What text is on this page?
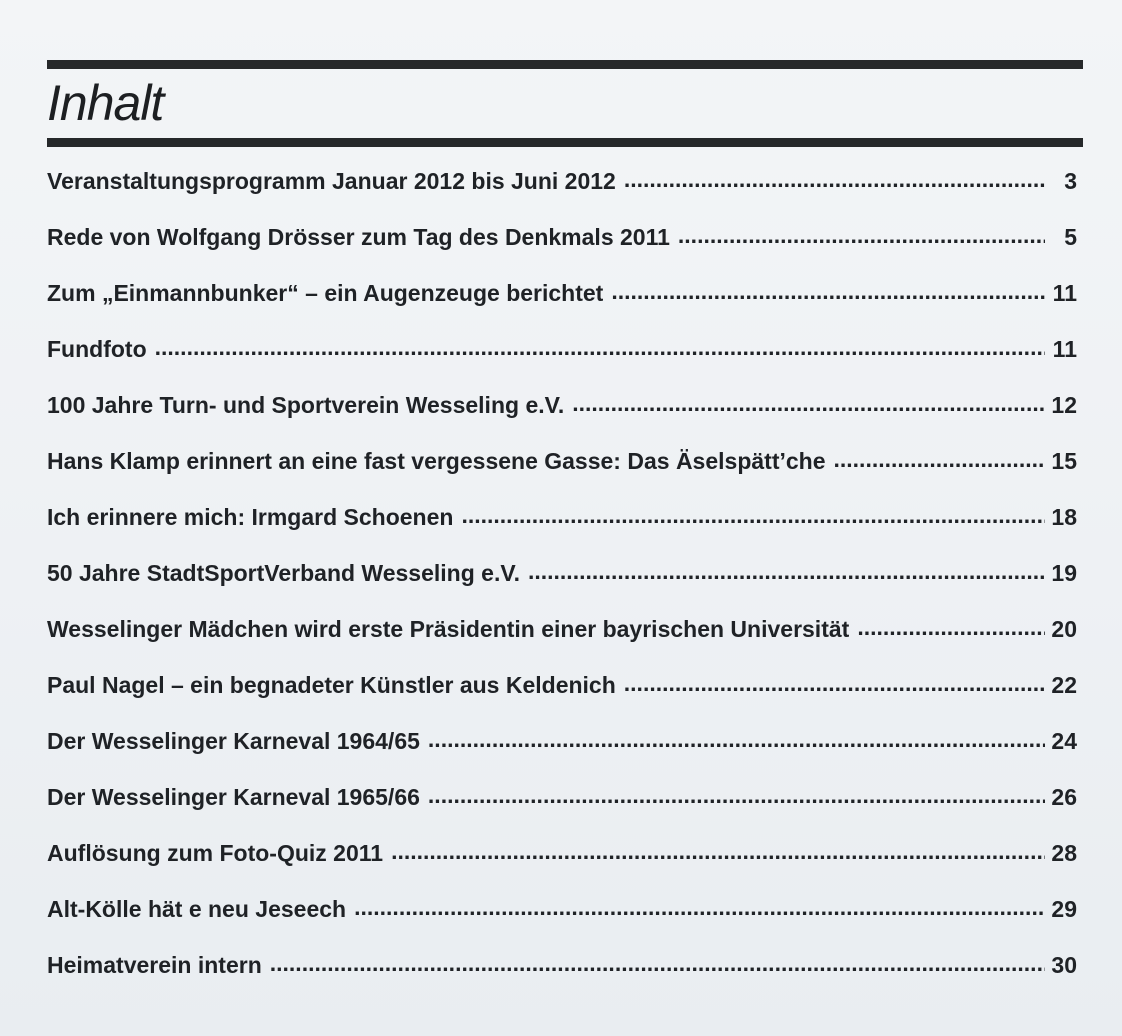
Inhalt
Veranstaltungsprogramm Januar 2012 bis Juni 2012 .....	3
Rede von Wolfgang Drösser zum Tag des Denkmals 2011 .....	5
Zum „Einmannbunker“ – ein Augenzeuge berichtet .....	11
Fundfoto .....	11
100 Jahre Turn- und Sportverein Wesseling e.V. .....	12
Hans Klamp erinnert an eine fast vergessene Gasse: Das Äselspätt’che .....	15
Ich erinnere mich: Irmgard Schoenen .....	18
50 Jahre StadtSportVerband Wesseling e.V. .....	19
Wesselinger Mädchen wird erste Präsidentin einer bayrischen Universität .....	20
Paul Nagel – ein begnadeter Künstler aus Keldenich .....	22
Der Wesselinger Karneval 1964/65 .....	24
Der Wesselinger Karneval 1965/66 .....	26
Auflösung zum Foto-Quiz 2011 .....	28
Alt-Kölle hät e neu Jeseech .....	29
Heimatverein intern .....	30
